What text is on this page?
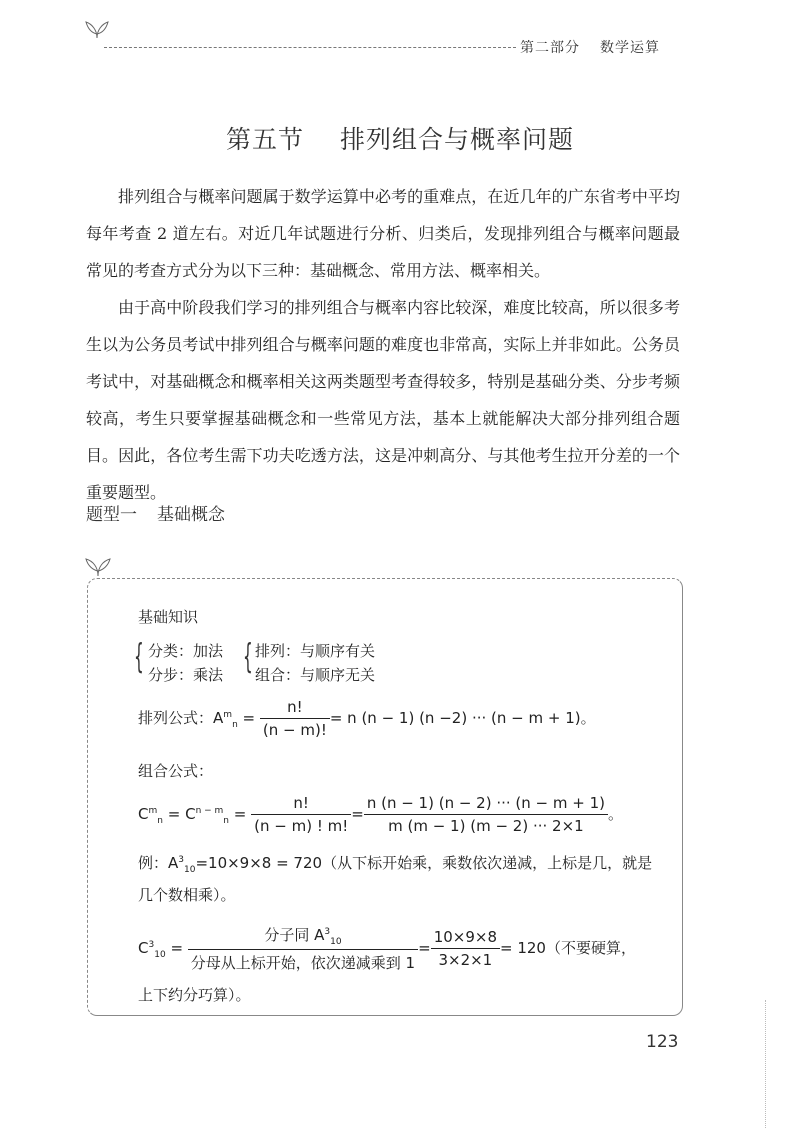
第二部分 数学运算
第五节 排列组合与概率问题

排列组合与概率问题属于数学运算中必考的重难点，在近几年的广东省考中平均每年考查 2 道左右。对近几年试题进行分析、归类后，发现排列组合与概率问题最常见的考查方式分为以下三种：基础概念、常用方法、概率相关。

由于高中阶段我们学习的排列组合与概率内容比较深，难度比较高，所以很多考生以为公务员考试中排列组合与概率问题的难度也非常高，实际上并非如此。公务员考试中，对基础概念和概率相关这两类题型考查得较多，特别是基础分类、分步考频较高，考生只要掌握基础概念和一些常见方法，基本上就能解决大部分排列组合题目。因此，各位考生需下功夫吃透方法，这是冲刺高分、与其他考生拉开分差的一个重要题型。

题型一 基础概念
基础知识
{ 分类：加法
分步：乘法 { 排列：与顺序有关
组合：与顺序无关
排列公式：$A^m_n = \frac{n!}{(n - m)!} = n$ (n − 1) (n −2) ··· (n − m + 1)。
组合公式：
$C^m_n = C^{n - m}_n = \frac{n!}{(n - m) ! m!} = \frac{n (n - 1) (n - 2) \cdot\cdot\cdot (n - m + 1)}{m (m - 1) (m - 2) \cdot\cdot\cdot 2\times 1}$ 。
例：$A^3_{10}=10\times 9\times 8 = 720$（从下标开始乘，乘数依次递减，上标是几，就是
几个数相乘）。
$C^3_{10} = \frac{分子同 A^3_{10}}{\text{分母从上标开始，依次递减乘到 1}} = \frac{10\times 9\times 8}{3\times 2\times 1} = 120$（不要硬算，
上下约分巧算）。
123
